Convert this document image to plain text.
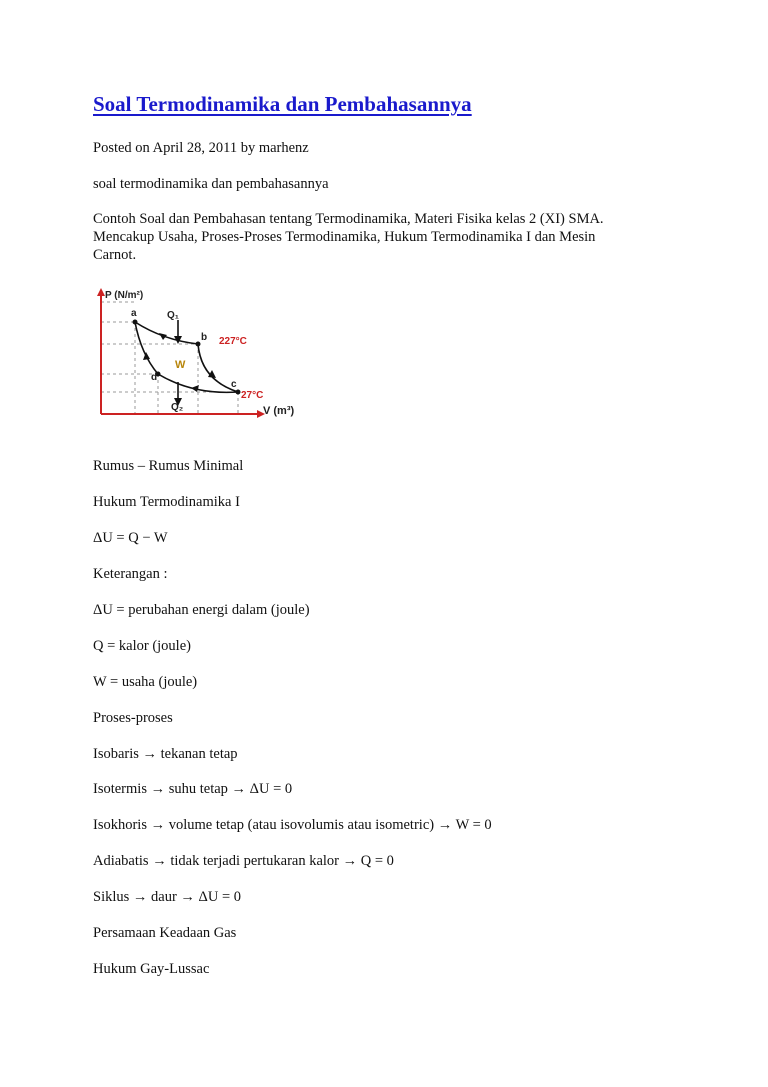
Soal Termodinamika dan Pembahasannya

Posted on April 28, 2011 by marhenz

soal termodinamika dan pembahasannya

Contoh Soal dan Pembahasan tentang Termodinamika, Materi Fisika kelas 2 (XI) SMA.

Mencakup Usaha, Proses-Proses Termodinamika, Hukum Termodinamika I dan Mesin

Carnot.

P (N/m²)
V (m³)
a
b
c
d
Q₁
Q₂
W
227°C
27°C

Rumus – Rumus Minimal

Hukum Termodinamika I

ΔU = Q − W

Keterangan :

ΔU = perubahan energi dalam (joule)

Q = kalor (joule)

W = usaha (joule)

Proses-proses

Isobaris → tekanan tetap

Isotermis → suhu tetap → ΔU = 0

Isokhoris → volume tetap (atau isovolumis atau isometric) → W = 0

Adiabatis → tidak terjadi pertukaran kalor → Q = 0

Siklus → daur → ΔU = 0

Persamaan Keadaan Gas

Hukum Gay-Lussac
